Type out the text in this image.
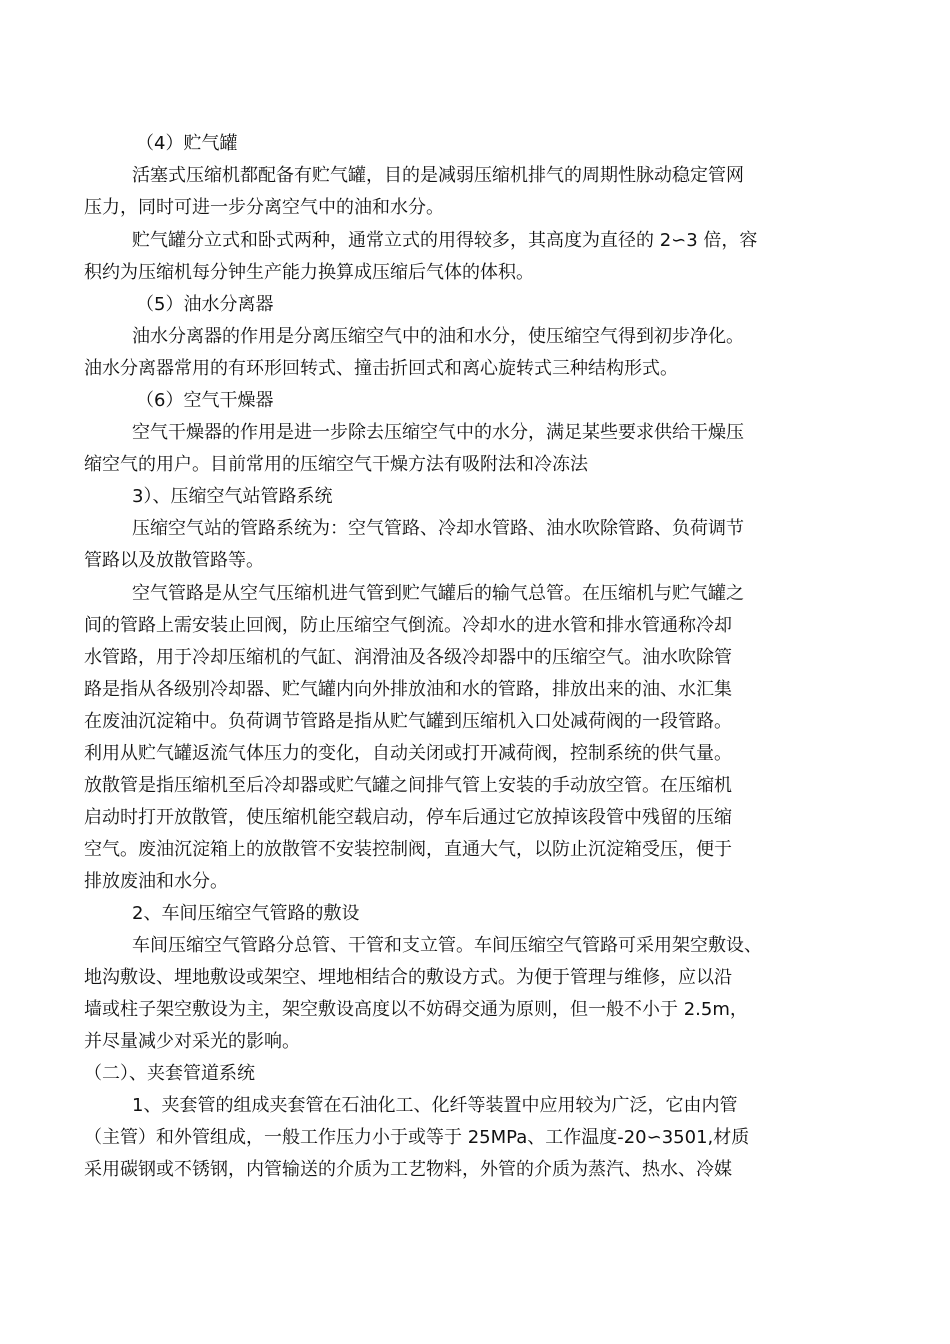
（4）贮气罐
活塞式压缩机都配备有贮气罐，目的是减弱压缩机排气的周期性脉动稳定管网
压力，同时可进一步分离空气中的油和水分。
贮气罐分立式和卧式两种，通常立式的用得较多，其高度为直径的 2∽3 倍，容
积约为压缩机每分钟生产能力换算成压缩后气体的体积。
（5）油水分离器
油水分离器的作用是分离压缩空气中的油和水分，使压缩空气得到初步净化。
油水分离器常用的有环形回转式、撞击折回式和离心旋转式三种结构形式。
（6）空气干燥器
空气干燥器的作用是进一步除去压缩空气中的水分，满足某些要求供给干燥压
缩空气的用户。目前常用的压缩空气干燥方法有吸附法和冷冻法
3）、压缩空气站管路系统
压缩空气站的管路系统为：空气管路、冷却水管路、油水吹除管路、负荷调节
管路以及放散管路等。
空气管路是从空气压缩机进气管到贮气罐后的输气总管。在压缩机与贮气罐之
间的管路上需安装止回阀，防止压缩空气倒流。冷却水的进水管和排水管通称冷却
水管路，用于冷却压缩机的气缸、润滑油及各级冷却器中的压缩空气。油水吹除管
路是指从各级别冷却器、贮气罐内向外排放油和水的管路，排放出来的油、水汇集
在废油沉淀箱中。负荷调节管路是指从贮气罐到压缩机入口处减荷阀的一段管路。
利用从贮气罐返流气体压力的变化，自动关闭或打开减荷阀，控制系统的供气量。
放散管是指压缩机至后冷却器或贮气罐之间排气管上安装的手动放空管。在压缩机
启动时打开放散管，使压缩机能空载启动，停车后通过它放掉该段管中残留的压缩
空气。废油沉淀箱上的放散管不安装控制阀，直通大气，以防止沉淀箱受压，便于
排放废油和水分。
2、车间压缩空气管路的敷设
车间压缩空气管路分总管、干管和支立管。车间压缩空气管路可采用架空敷设、
地沟敷设、埋地敷设或架空、埋地相结合的敷设方式。为便于管理与维修，应以沿
墙或柱子架空敷设为主，架空敷设高度以不妨碍交通为原则，但一般不小于 2.5m，
并尽量减少对采光的影响。
（二）、夹套管道系统
1、夹套管的组成夹套管在石油化工、化纤等装置中应用较为广泛，它由内管
（主管）和外管组成，一般工作压力小于或等于 25MPa、工作温度-20∽3501,材质
采用碳钢或不锈钢，内管输送的介质为工艺物料，外管的介质为蒸汽、热水、冷媒
